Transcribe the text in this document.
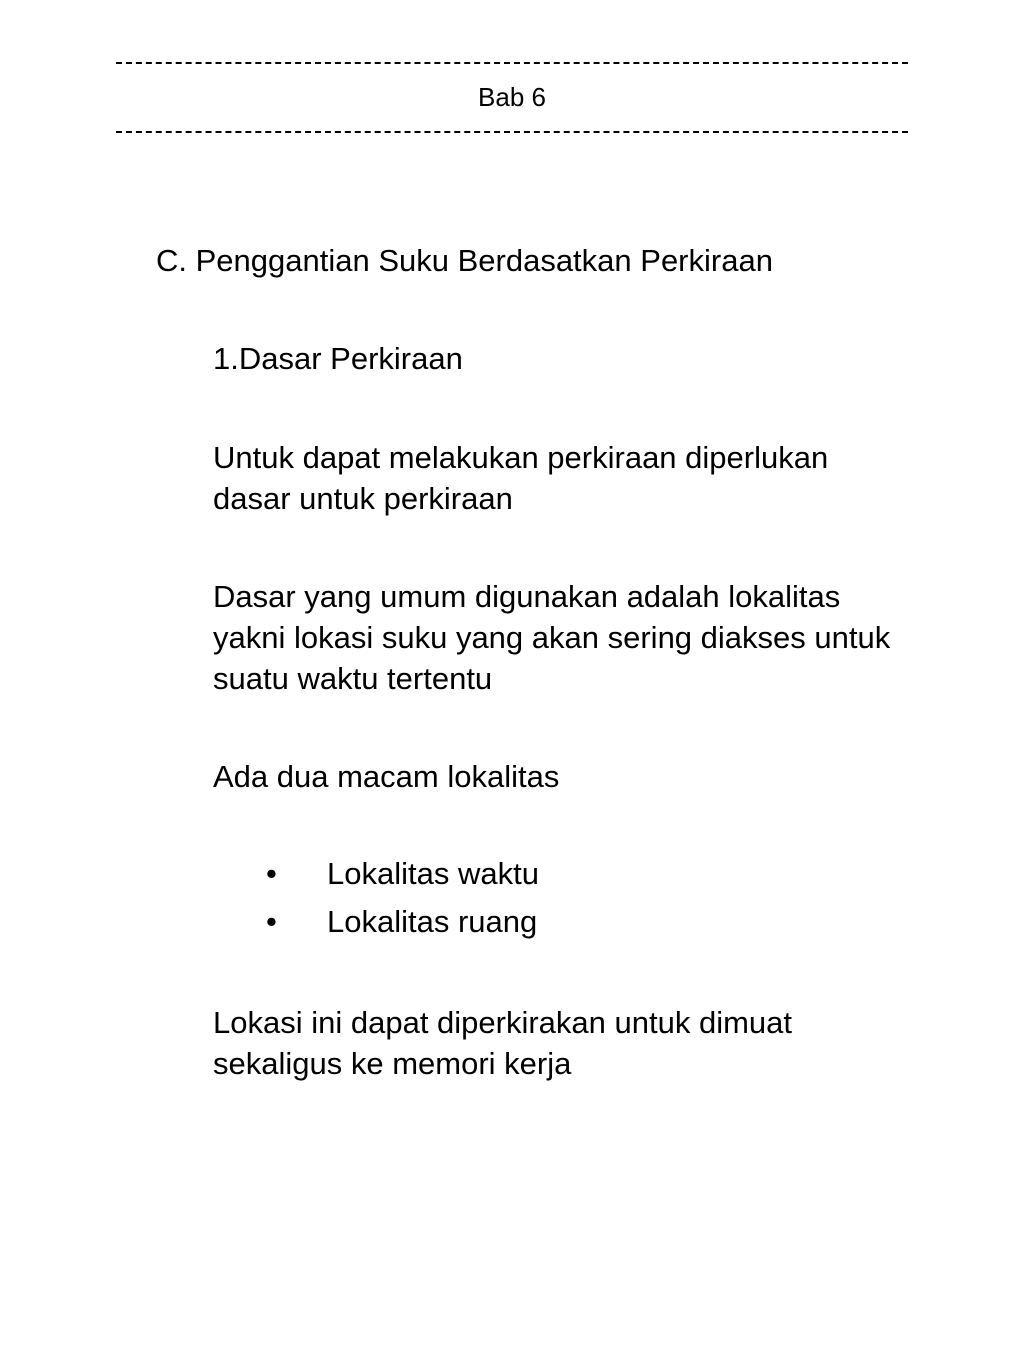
Bab 6
C. Penggantian Suku Berdasatkan Perkiraan
1.Dasar Perkiraan
Untuk dapat melakukan perkiraan diperlukan
dasar untuk perkiraan
Dasar yang umum digunakan adalah lokalitas
yakni lokasi suku yang akan sering diakses untuk
suatu waktu tertentu
Ada dua macam lokalitas
• Lokalitas waktu
• Lokalitas ruang
Lokasi ini dapat diperkirakan untuk dimuat
sekaligus ke memori kerja
